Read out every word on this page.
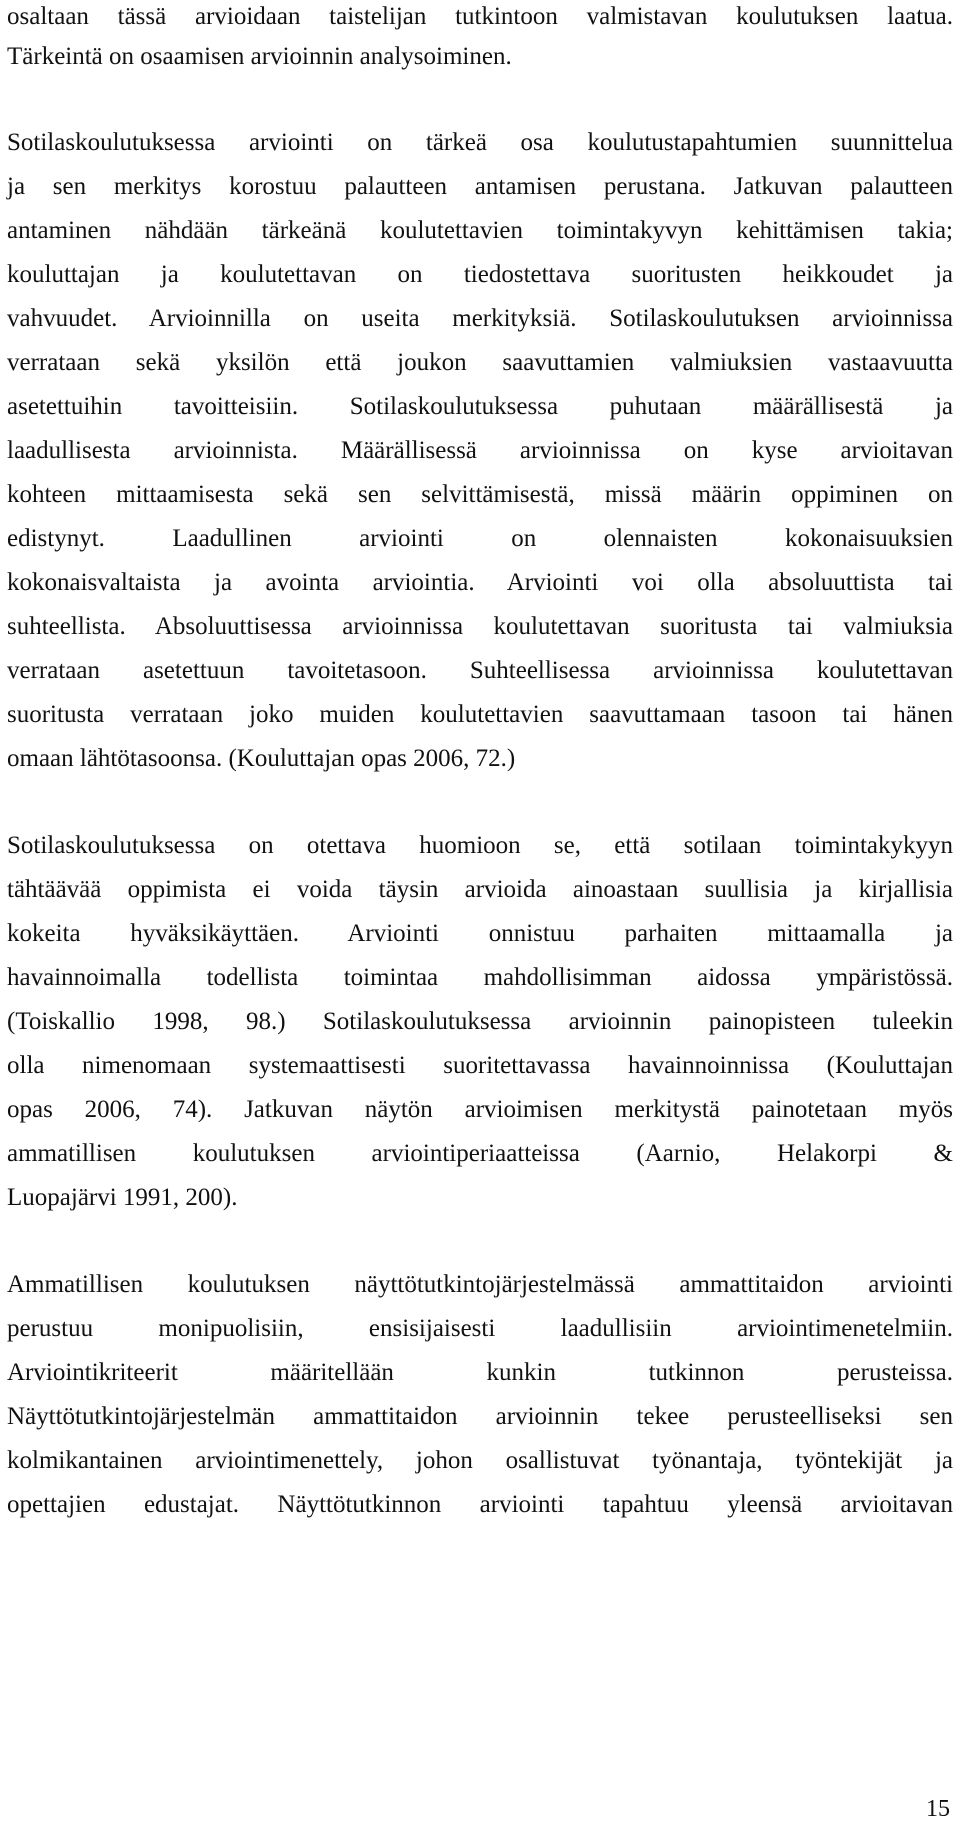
osaltaan tässä arvioidaan taistelijan tutkintoon valmistavan koulutuksen laatua.
Tärkeintä on osaamisen arvioinnin analysoiminen.
Sotilaskoulutuksessa arviointi on tärkeä osa koulutustapahtumien suunnittelua
ja sen merkitys korostuu palautteen antamisen perustana. Jatkuvan palautteen
antaminen nähdään tärkeänä koulutettavien toimintakyvyn kehittämisen takia;
kouluttajan ja koulutettavan on tiedostettava suoritusten heikkoudet ja
vahvuudet. Arvioinnilla on useita merkityksiä. Sotilaskoulutuksen arvioinnissa
verrataan sekä yksilön että joukon saavuttamien valmiuksien vastaavuutta
asetettuihin tavoitteisiin. Sotilaskoulutuksessa puhutaan määrällisestä ja
laadullisesta arvioinnista. Määrällisessä arvioinnissa on kyse arvioitavan
kohteen mittaamisesta sekä sen selvittämisestä, missä määrin oppiminen on
edistynyt. Laadullinen arviointi on olennaisten kokonaisuuksien
kokonaisvaltaista ja avointa arviointia. Arviointi voi olla absoluuttista tai
suhteellista. Absoluuttisessa arvioinnissa koulutettavan suoritusta tai valmiuksia
verrataan asetettuun tavoitetasoon. Suhteellisessa arvioinnissa koulutettavan
suoritusta verrataan joko muiden koulutettavien saavuttamaan tasoon tai hänen
omaan lähtötasoonsa. (Kouluttajan opas 2006, 72.)
Sotilaskoulutuksessa on otettava huomioon se, että sotilaan toimintakykyyn
tähtäävää oppimista ei voida täysin arvioida ainoastaan suullisia ja kirjallisia
kokeita hyväksikäyttäen. Arviointi onnistuu parhaiten mittaamalla ja
havainnoimalla todellista toimintaa mahdollisimman aidossa ympäristössä.
(Toiskallio 1998, 98.) Sotilaskoulutuksessa arvioinnin painopisteen tuleekin
olla nimenomaan systemaattisesti suoritettavassa havainnoinnissa (Kouluttajan
opas 2006, 74). Jatkuvan näytön arvioimisen merkitystä painotetaan myös
ammatillisen koulutuksen arviointiperiaatteissa (Aarnio, Helakorpi &
Luopajärvi 1991, 200).
Ammatillisen koulutuksen näyttötutkintojärjestelmässä ammattitaidon arviointi
perustuu monipuolisiin, ensisijaisesti laadullisiin arviointimenetelmiin.
Arviointikriteerit määritellään kunkin tutkinnon perusteissa.
Näyttötutkintojärjestelmän ammattitaidon arvioinnin tekee perusteelliseksi sen
kolmikantainen arviointimenettely, johon osallistuvat työnantaja, työntekijät ja
opettajien edustajat. Näyttötutkinnon arviointi tapahtuu yleensä arvioitavan
15
